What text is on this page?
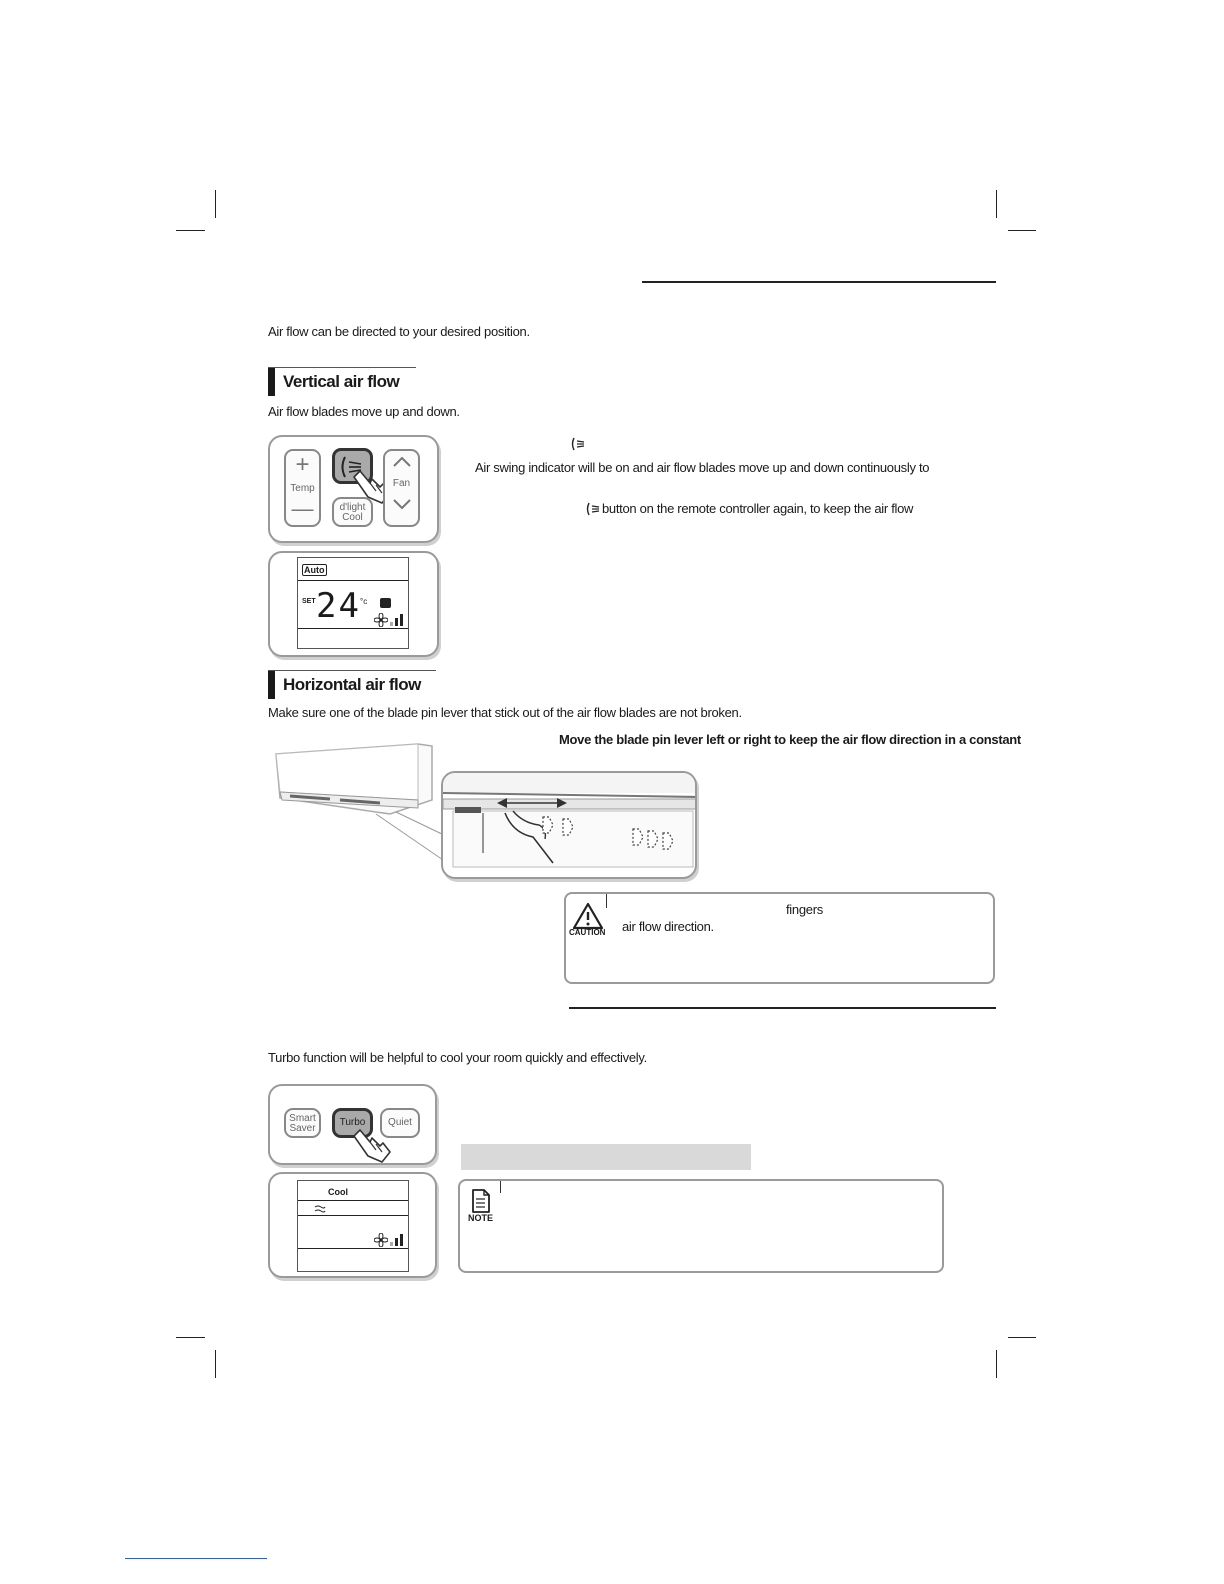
Air flow can be directed to your desired position.
Vertical air flow
Air flow blades move up and down.
+
Temp
—	d'light
Cool
Fan
Auto
SET 24 °c
Air swing indicator will be on and air flow blades move up and down continuously to
button on the remote controller again, to keep the air flow
Horizontal air flow
Make sure one of the blade pin lever that stick out of the air flow blades are not broken.
Move the blade pin lever left or right to keep the air flow direction in a constant
CAUTION
fingers
air flow direction.
Turbo function will be helpful to cool your room quickly and effectively.
Smart
Saver
Turbo	Quiet
Cool
NOTE
